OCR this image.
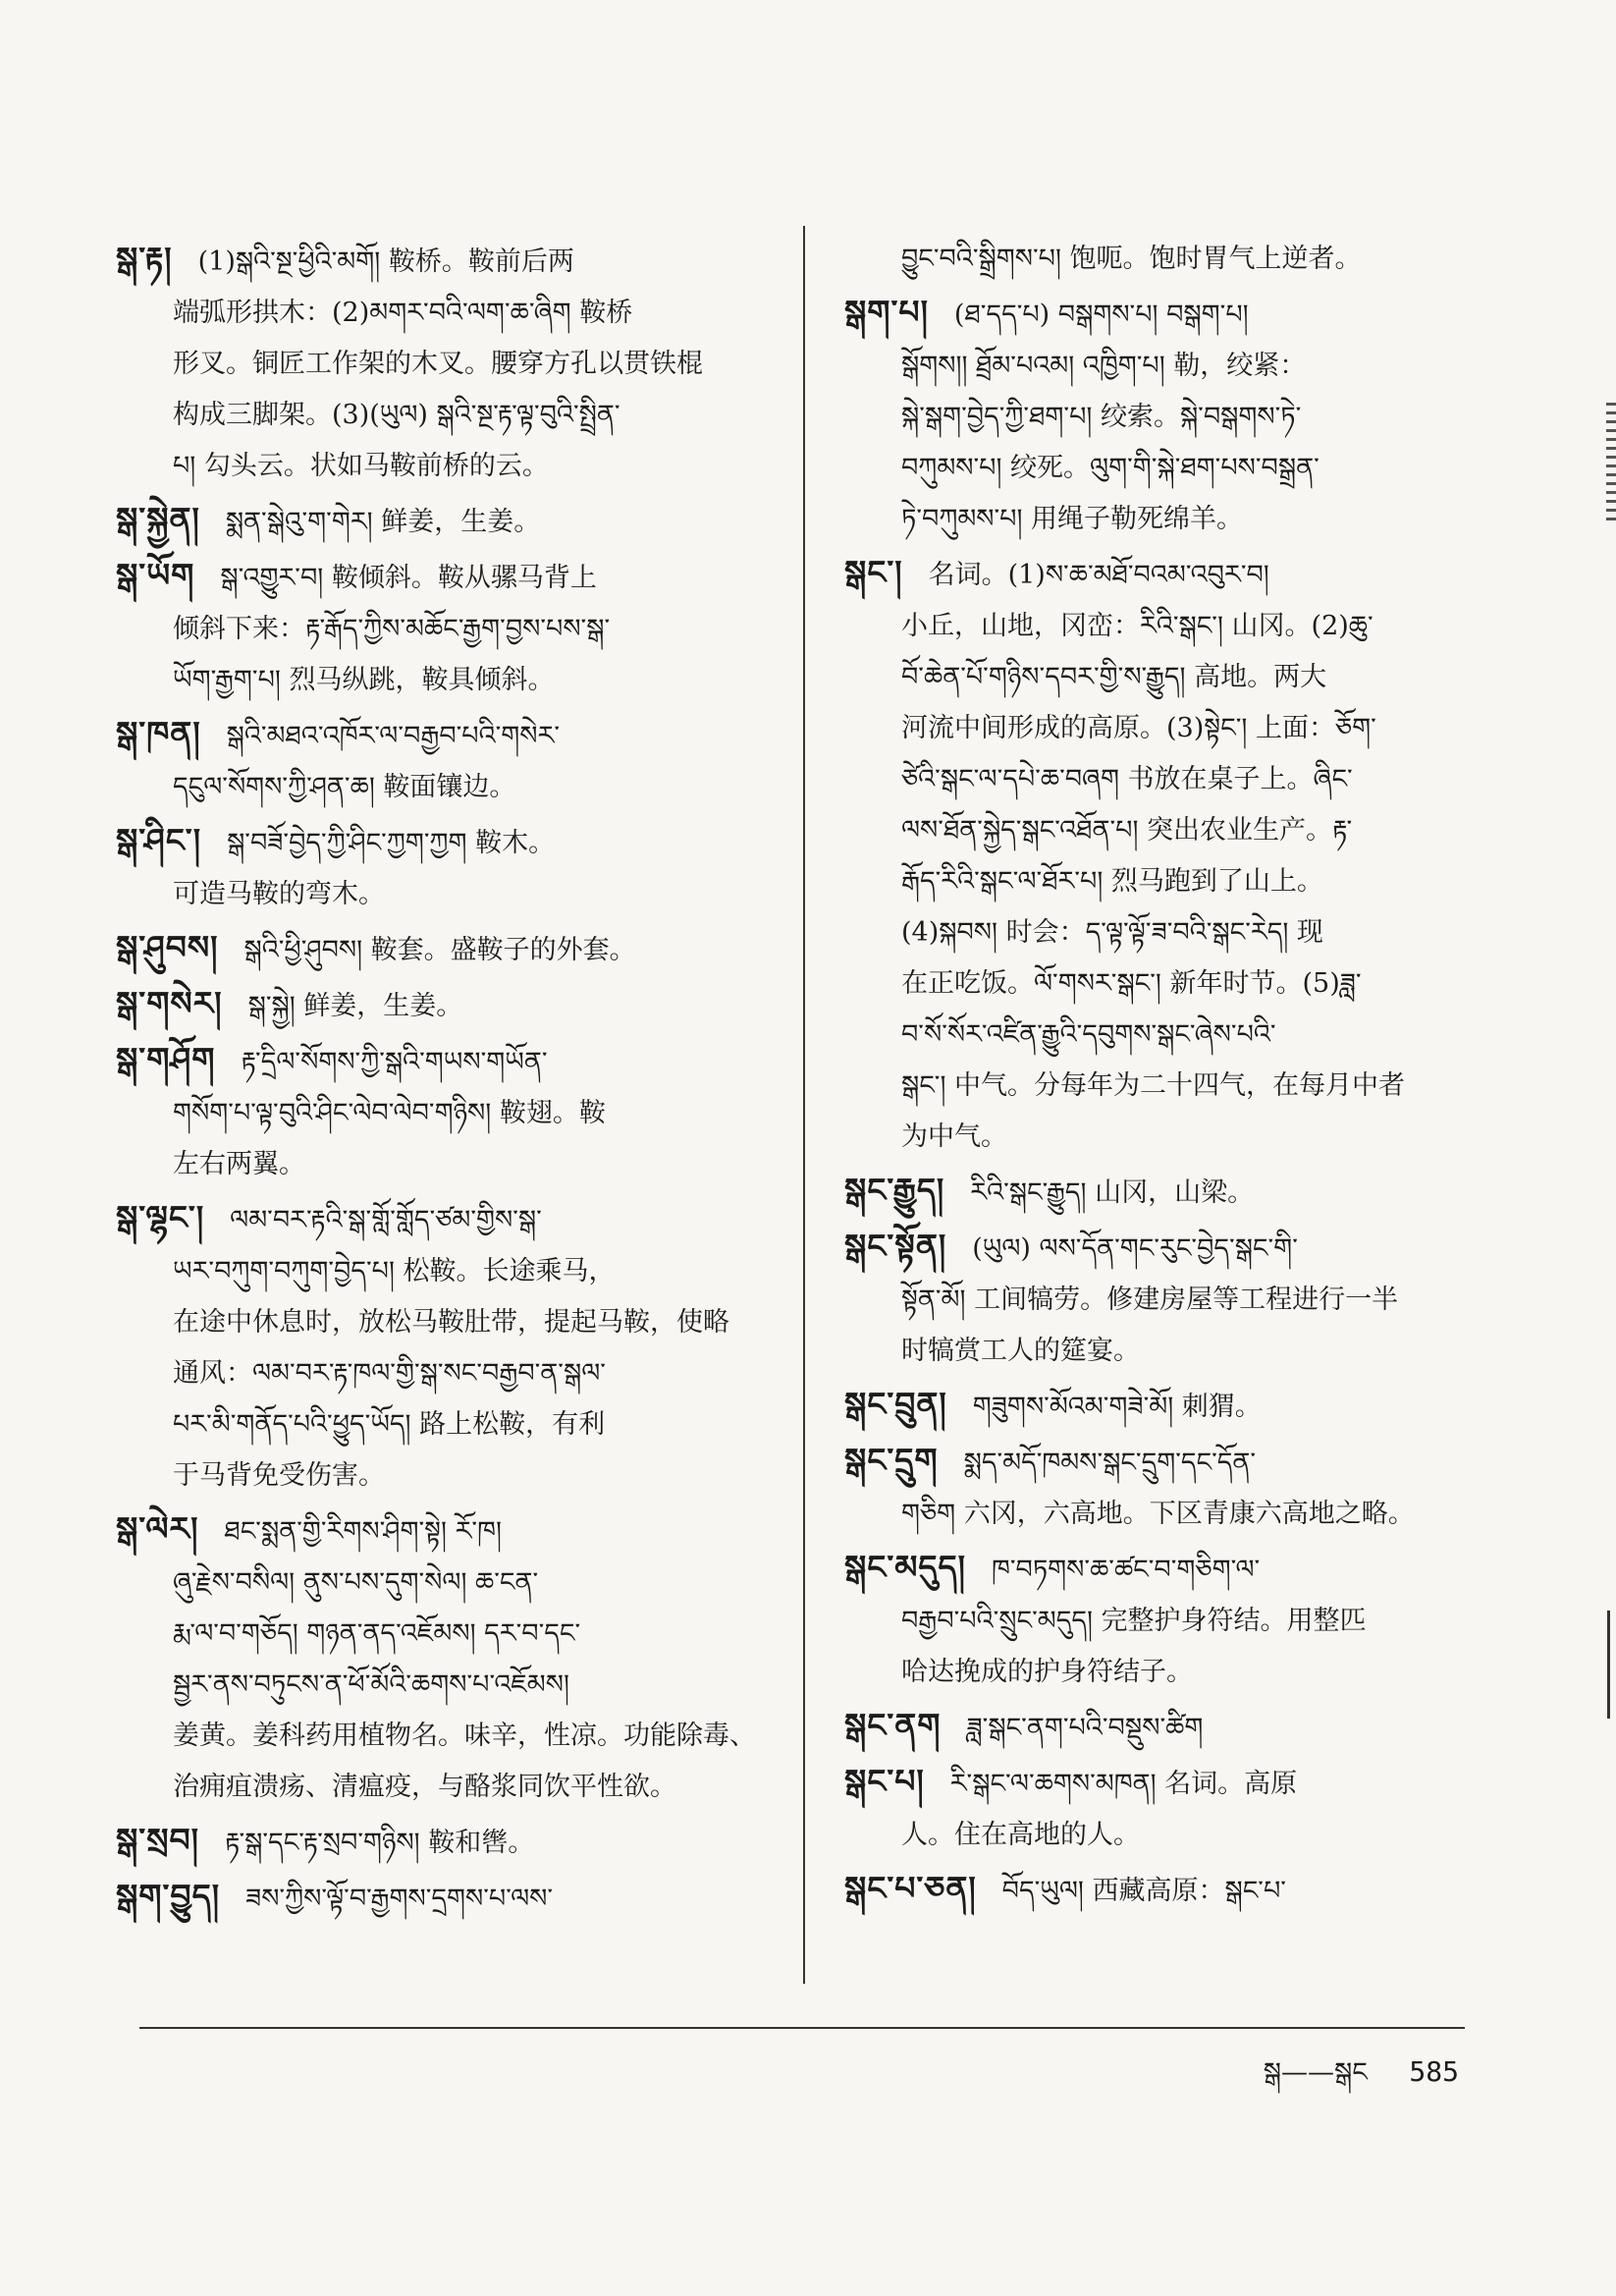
སྒ་རྟ། (1)སྒའི་སྔ་ཕྱིའི་མགོ། 鞍桥。鞍前后两
端弧形拱木：(2)མགར་བའི་ལག་ཆ་ཞིག 鞍桥
形叉。铜匠工作架的木叉。腰穿方孔以贯铁棍
构成三脚架。(3)(ཡུལ) སྒའི་སྔ་རྟ་ལྟ་བུའི་སྤྲིན་
པ། 勾头云。状如马鞍前桥的云。
སྒ་སྐྱེན། སྨན་སྒེའུ་ག་གེར། 鲜姜，生姜。
སྒ་ཡོག སྒ་འགྱུར་བ། 鞍倾斜。鞍从骡马背上
倾斜下来：རྟ་རྒོད་ཀྱིས་མཆོང་རྒྱག་བྱས་པས་སྒ་
ཡོག་རྒྱག་པ། 烈马纵跳，鞍具倾斜。
སྒ་ཁན། སྒའི་མཐའ་འཁོར་ལ་བརྒྱབ་པའི་གསེར་
དངུལ་སོགས་ཀྱི་ཤན་ཆ། 鞍面镶边。
སྒ་ཤིང་། སྒ་བཟོ་བྱེད་ཀྱི་ཤིང་ཀྱག་ཀྱག 鞍木。
可造马鞍的弯木。
སྒ་ཤུབས། སྒའི་ཕྱི་ཤུབས། 鞍套。盛鞍子的外套。
སྒ་གསེར། སྒ་སྐྱེ། 鲜姜，生姜。
སྒ་གཤོག རྟ་དྲིལ་སོགས་ཀྱི་སྒའི་གཡས་གཡོན་
གསོག་པ་ལྟ་བུའི་ཤིང་ལེབ་ལེབ་གཉིས། 鞍翅。鞍
左右两翼。
སྒ་ལྷང་། ལམ་བར་རྟའི་སྒ་གློ་གློད་ཙམ་གྱིས་སྒ་
ཡར་བཀུག་བཀུག་བྱེད་པ། 松鞍。长途乘马，
在途中休息时，放松马鞍肚带，提起马鞍，使略
通风：ལམ་བར་རྟ་ཁལ་གྱི་སྒ་སང་བརྒྱབ་ན་སྒལ་
པར་མི་གནོད་པའི་ཕྱུད་ཡོད། 路上松鞍，有利
于马背免受伤害。
སྒ་ལེར། ཐང་སྨན་གྱི་རིགས་ཤིག་སྟེ། རོ་ཁ།
ཞུ་རྗེས་བསིལ། ནུས་པས་དུག་སེལ། ཆ་ངན་
རྨ་ལ་བ་གཅོད། གཉན་ནད་འཇོམས། དར་བ་དང་
སྦྱར་ནས་བཏུངས་ན་ཕོ་མོའི་ཆགས་པ་འཇོམས།
姜黄。姜科药用植物名。味辛，性凉。功能除毒、
治痈疽溃疡、清瘟疫，与酪浆同饮平性欲。
སྒ་སྲབ། རྟ་སྒ་དང་རྟ་སྲབ་གཉིས། 鞍和辔。
སྒག་བྱུད། ཟས་ཀྱིས་ལྟོ་བ་རྒྱགས་དྲགས་པ་ལས་
བྱུང་བའི་སྒྲིགས་པ། 饱呃。饱时胃气上逆者。
སྒག་པ། (ཐ་དད་པ) བསྒགས་པ། བསྒག་པ།
སྒོགས།། ཐྲོམ་པའམ། འཁྱིག་པ། 勒，绞紧：
སྐེ་སྒག་བྱེད་ཀྱི་ཐག་པ། 绞索。སྐེ་བསྒགས་ཏེ་
བཀུམས་པ། 绞死。ལུག་གི་སྐེ་ཐག་པས་བསྒྲན་
ཏེ་བཀུམས་པ། 用绳子勒死绵羊。
སྒང་། 名词。(1)ས་ཆ་མཐོ་བའམ་འབུར་བ།
小丘，山地，冈峦：རིའི་སྒང་། 山冈。(2)ཆུ་
བོ་ཆེན་པོ་གཉིས་དབར་གྱི་ས་རྒྱུད། 高地。两大
河流中间形成的高原。(3)སྟེང་། 上面：ཅོག་
ཙེའི་སྒང་ལ་དཔེ་ཆ་བཞག 书放在桌子上。ཞིང་
ལས་ཐོན་སྐྱེད་སྒང་འཐོན་པ། 突出农业生产。རྟ་
རྒོད་རིའི་སྒང་ལ་ཐོར་པ། 烈马跑到了山上。
(4)སྐབས། 时会：ད་ལྟ་ལྟོ་ཟ་བའི་སྒང་རེད། 现
在正吃饭。ལོ་གསར་སྒང་། 新年时节。(5)ཟླ་
བ་སོ་སོར་འཛིན་རྒྱུའི་དབུགས་སྒང་ཞེས་པའི་
སྒང་། 中气。分每年为二十四气，在每月中者
为中气。
སྒང་རྒྱུད། རིའི་སྒང་རྒྱུད། 山冈，山梁。
སྒང་སྟོན། (ཡུལ) ལས་དོན་གང་རུང་བྱེད་སྒང་གི་
སྟོན་མོ། 工间犒劳。修建房屋等工程进行一半
时犒赏工人的筵宴。
སྒང་བྲུན། གཟུགས་མོའམ་གཟེ་མོ། 刺猬。
སྒང་དྲུག སྨད་མདོ་ཁམས་སྒང་དྲུག་དང་དོན་
གཅིག 六冈，六高地。下区青康六高地之略。
སྒང་མདུད། ཁ་བཏགས་ཆ་ཚང་བ་གཅིག་ལ་
བརྒྱབ་པའི་སྲུང་མདུད། 完整护身符结。用整匹
哈达挽成的护身符结子。
སྒང་ནག ཟླ་སྒང་ནག་པའི་བསྡུས་ཚིག
སྒང་པ། རི་སྒང་ལ་ཆགས་མཁན། 名词。高原
人。住在高地的人。
སྒང་པ་ཅན། བོད་ཡུལ། 西藏高原：སྒང་པ་
སྒ——སྒང 585
